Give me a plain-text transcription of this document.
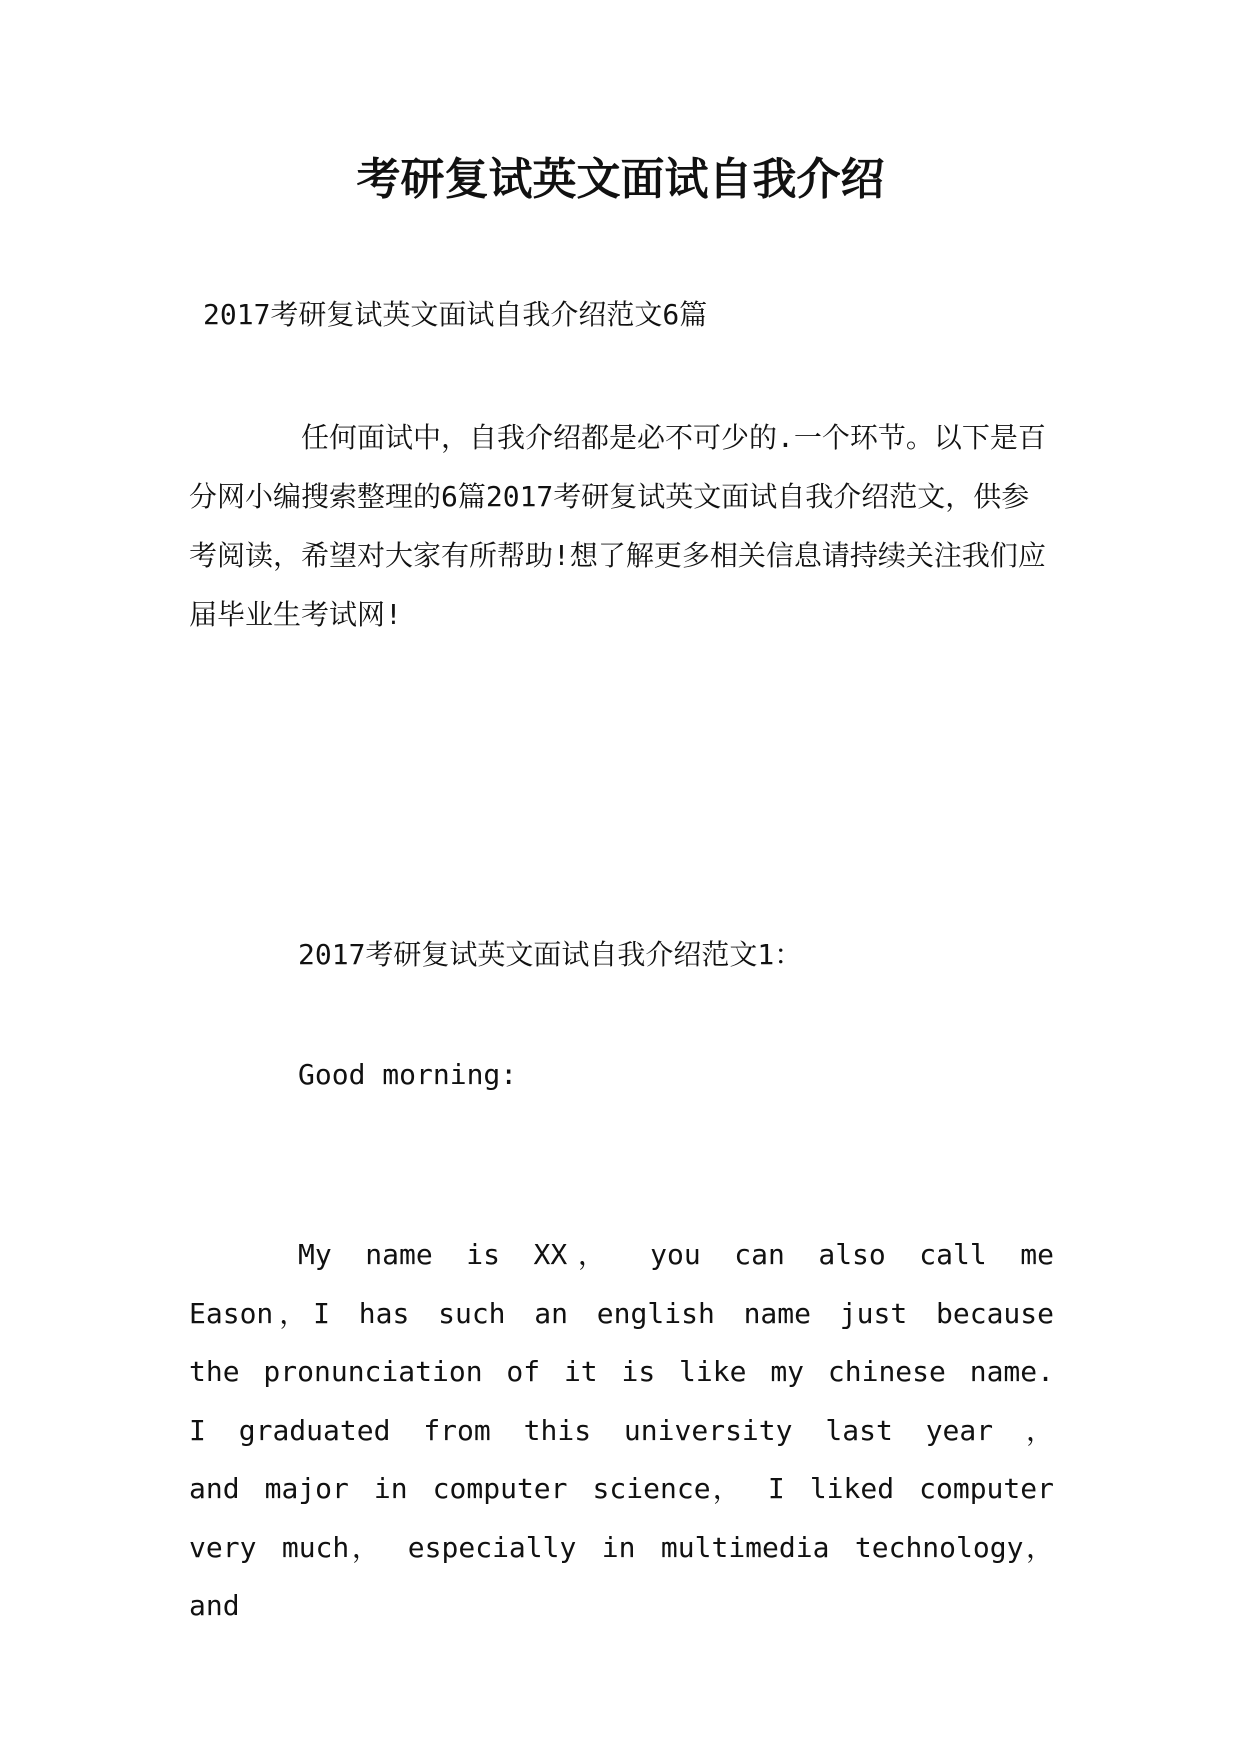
考研复试英文面试自我介绍
2017考研复试英文面试自我介绍范文6篇

任何面试中，自我介绍都是必不可少的.一个环节。以下是百分网小编搜索整理的6篇2017考研复试英文面试自我介绍范文，供参考阅读，希望对大家有所帮助!想了解更多相关信息请持续关注我们应届毕业生考试网!

2017考研复试英文面试自我介绍范文1：
Good morning:

My name is XX， you can also call me Eason，I has such an english name just because the pronunciation of it is like my chinese name. I graduated from this university last year ， and major in computer science， I liked computer very much， especially in multimedia technology， and
